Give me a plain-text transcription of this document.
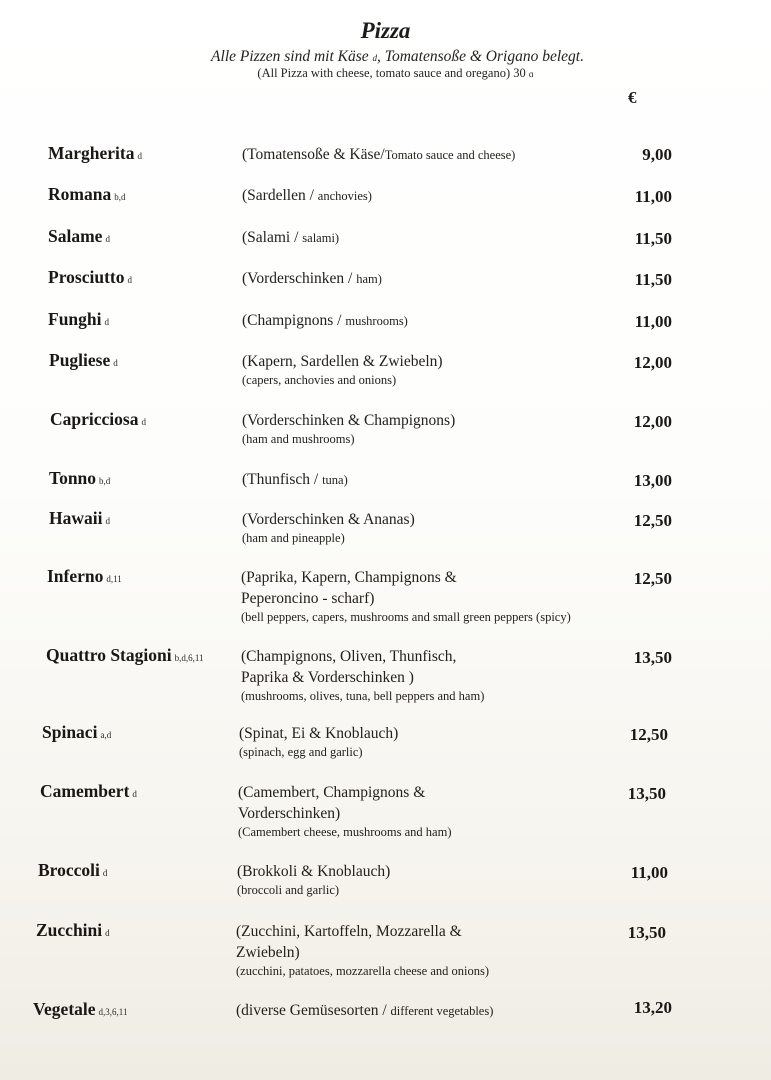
Pizza
Alle Pizzen sind mit Käse d, Tomatensoße & Origano belegt.
(All Pizza with cheese, tomato sauce and oregano) 30 ɑ
€
Margherita d	(Tomatensoße & Käse/Tomato sauce and cheese)	9,00
Romana b,d	(Sardellen / anchovies)	11,00
Salame d	(Salami / salami)	11,50
Prosciutto d	(Vorderschinken / ham)	11,50
Funghi d	(Champignons / mushrooms)	11,00
Pugliese d	(Kapern, Sardellen & Zwiebeln)
(capers, anchovies and onions)
12,00
Capricciosa d	(Vorderschinken & Champignons)
(ham and mushrooms)
12,00
Tonno b,d	(Thunfisch / tuna)	13,00
Hawaii d	(Vorderschinken & Ananas)
(ham and pineapple)
12,50
Inferno d,11	(Paprika, Kapern, Champignons &
Peperoncino - scharf)
(bell peppers, capers, mushrooms and small green peppers (spicy)
12,50
Quattro Stagioni b,d,6,11 (Champignons, Oliven, Thunfisch,
Paprika & Vorderschinken )
(mushrooms, olives, tuna, bell peppers and ham)
13,50
Spinaci a,d	(Spinat, Ei & Knoblauch)
(spinach, egg and garlic)
12,50
Camembert d	(Camembert, Champignons &
Vorderschinken)
(Camembert cheese, mushrooms and ham)
13,50
Broccoli d	(Brokkoli & Knoblauch)
(broccoli and garlic)
11,00
Zucchini d	(Zucchini, Kartoffeln, Mozzarella &
Zwiebeln)
(zucchini, patatoes, mozzarella cheese and onions)
13,50
Vegetale d,3,6,11	(diverse Gemüsesorten / different vegetables)	13,20
